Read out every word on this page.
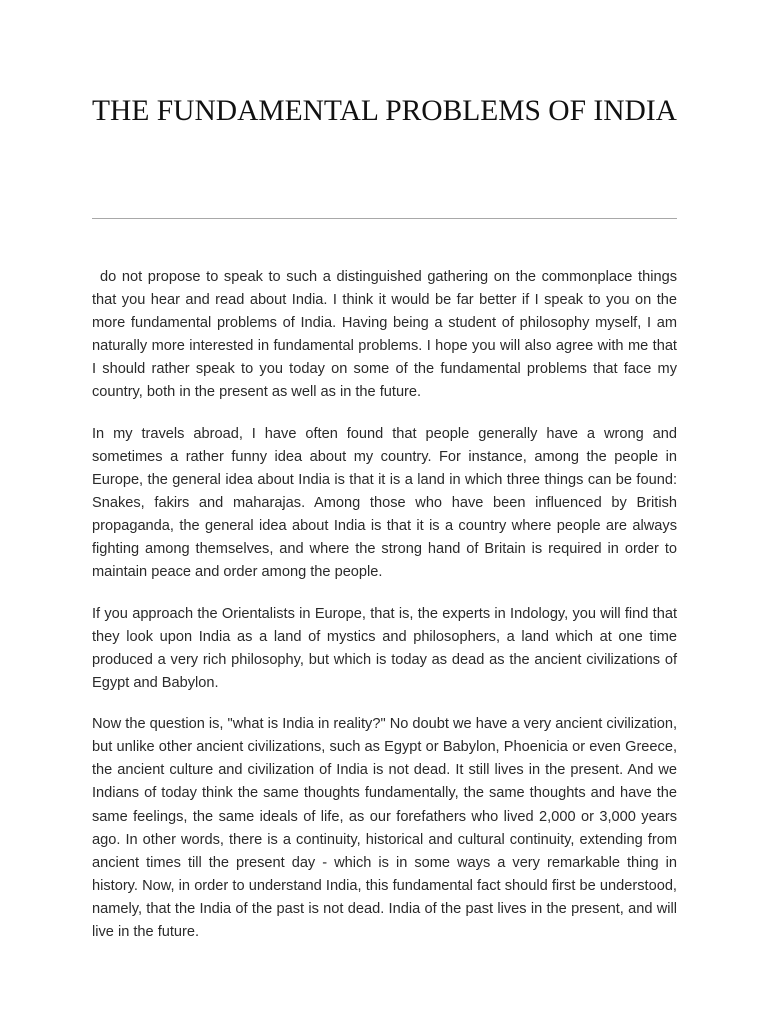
THE FUNDAMENTAL PROBLEMS OF INDIA

do not propose to speak to such a distinguished gathering on the commonplace things that you hear and read about India. I think it would be far better if I speak to you on the more fundamental problems of India. Having being a student of philosophy myself, I am naturally more interested in fundamental problems. I hope you will also agree with me that I should rather speak to you today on some of the fundamental problems that face my country, both in the present as well as in the future.

In my travels abroad, I have often found that people generally have a wrong and sometimes a rather funny idea about my country. For instance, among the people in Europe, the general idea about India is that it is a land in which three things can be found: Snakes, fakirs and maharajas. Among those who have been influenced by British propaganda, the general idea about India is that it is a country where people are always fighting among themselves, and where the strong hand of Britain is required in order to maintain peace and order among the people.

If you approach the Orientalists in Europe, that is, the experts in Indology, you will find that they look upon India as a land of mystics and philosophers, a land which at one time produced a very rich philosophy, but which is today as dead as the ancient civilizations of Egypt and Babylon.

Now the question is, "what is India in reality?" No doubt we have a very ancient civilization, but unlike other ancient civilizations, such as Egypt or Babylon, Phoenicia or even Greece, the ancient culture and civilization of India is not dead. It still lives in the present. And we Indians of today think the same thoughts fundamentally, the same thoughts and have the same feelings, the same ideals of life, as our forefathers who lived 2,000 or 3,000 years ago. In other words, there is a continuity, historical and cultural continuity, extending from ancient times till the present day - which is in some ways a very remarkable thing in history. Now, in order to understand India, this fundamental fact should first be understood, namely, that the India of the past is not dead. India of the past lives in the present, and will live in the future.
